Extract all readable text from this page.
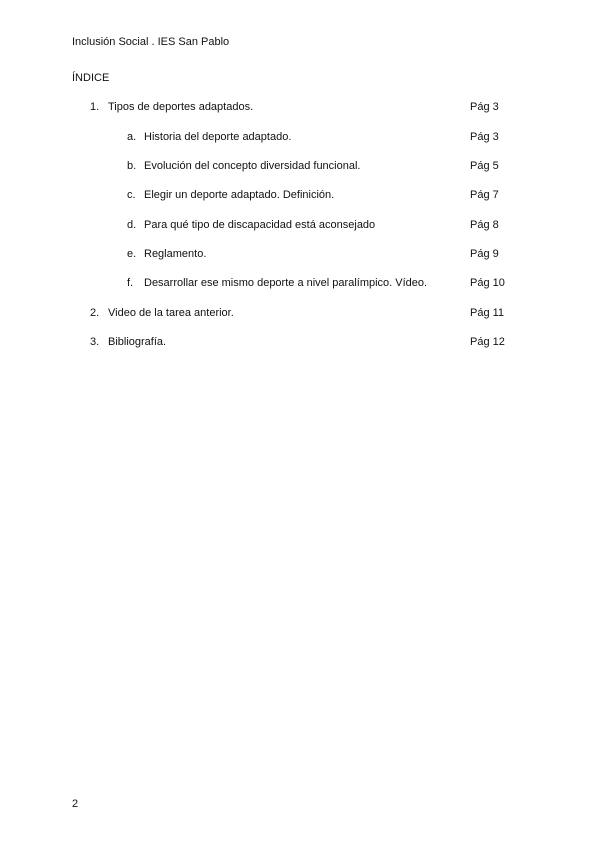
Inclusión Social . IES San Pablo
ÍNDICE
1. Tipos de deportes adaptados.	Pág 3
a. Historia del deporte adaptado.	Pág 3
b. Evolución del concepto diversidad funcional.	Pág 5
c. Elegir un deporte adaptado. Definición.	Pág 7
d. Para qué tipo de discapacidad está aconsejado	Pág 8
e. Reglamento.	Pág 9
f. Desarrollar ese mismo deporte a nivel paralímpico. Vídeo.	Pág 10
2. Video de la tarea anterior.	Pág 11
3. Bibliografía.	Pág 12
2
